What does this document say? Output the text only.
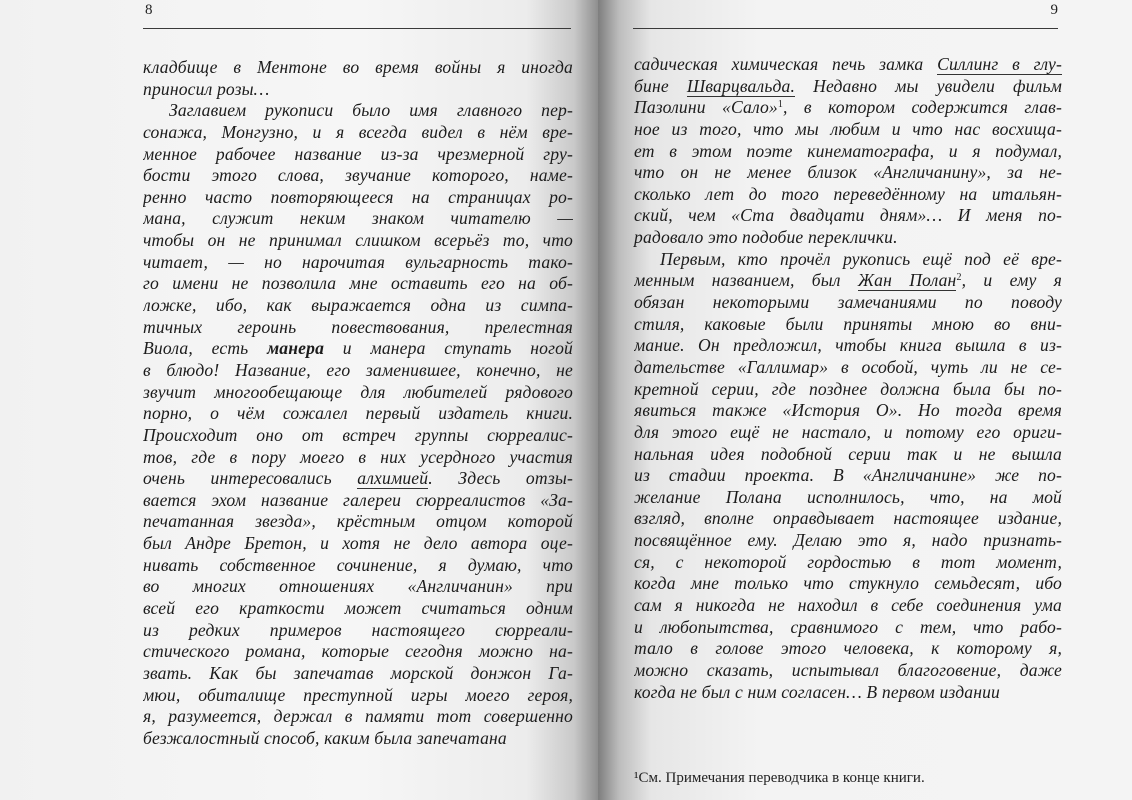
8
кладбище в Ментоне во время войны я иногда
приносил розы…
Заглавием рукописи было имя главного пер-
сонажа, Монгузно, и я всегда видел в нём вре-
менное рабочее название из-за чрезмерной гру-
бости этого слова, звучание которого, наме-
ренно часто повторяющееся на страницах ро-
мана, служит неким знаком читателю —
чтобы он не принимал слишком всерьёз то, что
читает, — но нарочитая вульгарность тако-
го имени не позволила мне оставить его на об-
ложке, ибо, как выражается одна из симпа-
тичных героинь повествования, прелестная
Виола, есть манера и манера ступать ногой
в блюдо! Название, его заменившее, конечно, не
звучит многообещающе для любителей рядового
порно, о чём сожалел первый издатель книги.
Происходит оно от встреч группы сюрреалис-
тов, где в пору моего в них усердного участия
очень интересовались алхимией. Здесь отзы-
вается эхом название галереи сюрреалистов «За-
печатанная звезда», крёстным отцом которой
был Андре Бретон, и хотя не дело автора оце-
нивать собственное сочинение, я думаю, что
во многих отношениях «Англичанин» при
всей его краткости может считаться одним
из редких примеров настоящего сюрреали-
стического романа, которые сегодня можно на-
звать. Как бы запечатав морской донжон Га-
мюи, обиталище преступной игры моего героя,
я, разумеется, держал в памяти тот совершенно
безжалостный способ, каким была запечатана
9
садическая химическая печь замка Силлинг в глу-
бине Шварцвальда. Недавно мы увидели фильм
Пазолини «Сало»$^1$, в котором содержится глав-
ное из того, что мы любим и что нас восхища-
ет в этом поэте кинематографа, и я подумал,
что он не менее близок «Англичанину», за не-
сколько лет до того переведённому на итальян-
ский, чем «Ста двадцати дням»… И меня по-
радовало это подобие переклички.
Первым, кто прочёл рукопись ещё под её вре-
менным названием, был Жан Полан$^2$, и ему я
обязан некоторыми замечаниями по поводу
стиля, каковые были приняты мною во вни-
мание. Он предложил, чтобы книга вышла в из-
дательстве «Галлимар» в особой, чуть ли не се-
кретной серии, где позднее должна была бы по-
явиться также «История О». Но тогда время
для этого ещё не настало, и потому его ориги-
нальная идея подобной серии так и не вышла
из стадии проекта. В «Англичанине» же по-
желание Полана исполнилось, что, на мой
взгляд, вполне оправдывает настоящее издание,
посвящённое ему. Делаю это я, надо признать-
ся, с некоторой гордостью в тот момент,
когда мне только что стукнуло семьдесят, ибо
сам я никогда не находил в себе соединения ума
и любопытства, сравнимого с тем, что рабо-
тало в голове этого человека, к которому я,
можно сказать, испытывал благоговение, даже
когда не был с ним согласен… В первом издании
¹См. Примечания переводчика в конце книги.
